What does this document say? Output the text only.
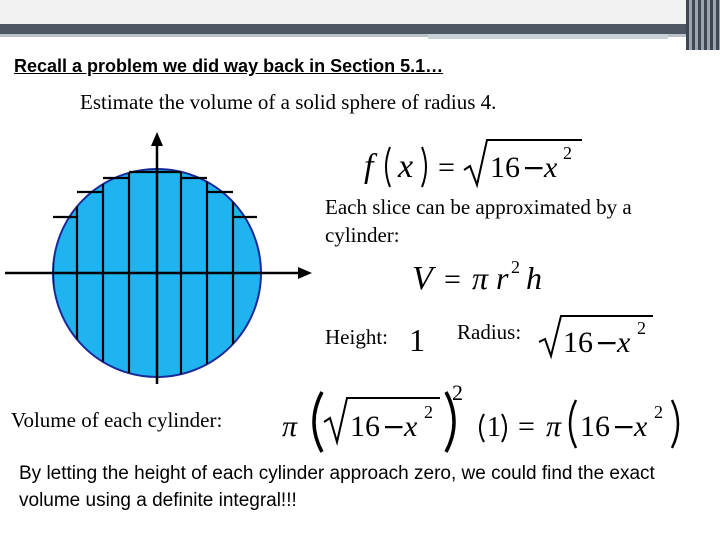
Recall a problem we did way back in Section 5.1…
Estimate the volume of a solid sphere of radius 4.
f x = 16 −
x 2
Each slice can be approximated by a cylinder:
V = π r 2 h
Height: 1 Radius: 16 −
x 2
Volume of each cylinder: π 16 −
x 2
2
1 = π 16 −
x 2
By letting the height of each cylinder approach zero, we could find the exact volume using a definite integral!!!
